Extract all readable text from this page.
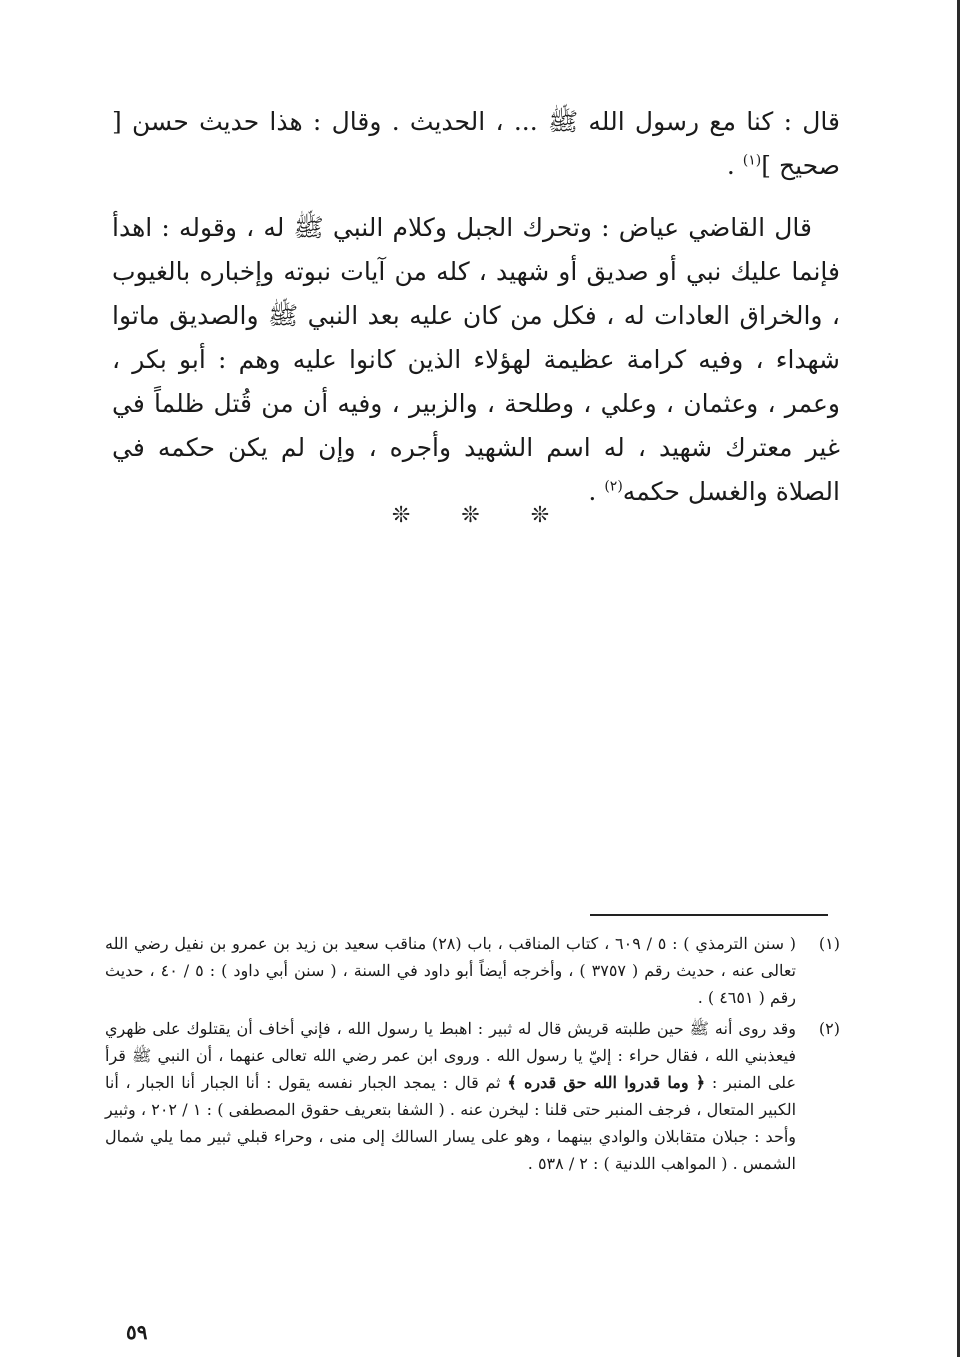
قال : كنا مع رسول الله ﷺ ... ، الحديث . وقال : هذا حديث حسن [ صحيح ]$^{(١)}$ .

قال القاضي عياض : وتحرك الجبل وكلام النبي ﷺ له ، وقوله : اهدأ فإنما عليك نبي أو صديق أو شهيد ، كله من آيات نبوته وإخباره بالغيوب ، والخراق العادات له ، فكل من كان عليه بعد النبي ﷺ والصديق ماتوا شهداء ، وفيه كرامة عظيمة لهؤلاء الذين كانوا عليه وهم : أبو بكر ، وعمر ، وعثمان ، وعلي ، وطلحة ، والزبير ، وفيه أن من قُتل ظلماً في غير معترك شهيد ، له اسم الشهيد وأجره ، وإن لم يكن حكمه في الصلاة والغسل حكمه$^{(٢)}$ .

❊ ❊ ❊
(١)
( سنن الترمذي ) : ٥ / ٦٠٩ ، كتاب المناقب ، باب (٢٨) مناقب سعيد بن زيد بن عمرو بن نفيل رضي الله تعالى عنه ، حديث رقم ( ٣٧٥٧ ) ، وأخرجه أيضاً أبو داود في السنة ، ( سنن أبي داود ) : ٥ / ٤٠ ، حديث رقم ( ٤٦٥١ ) .
(٢)
وقد روى أنه ﷺ حين طلبته قريش قال له ثبير : اهبط يا رسول الله ، فإني أخاف أن يقتلوك على ظهري فيعذبني الله ، فقال حراء : إليّ يا رسول الله . وروى ابن عمر رضي الله تعالى عنهما ، أن النبي ﷺ قرأ على المنبر : ﴿ وما قدروا الله حق قدره ﴾ ثم قال : يمجد الجبار نفسه يقول : أنا الجبار أنا الجبار ، أنا الكبير المتعال ، فرجف المنبر حتى قلنا : ليخرن عنه . ( الشفا بتعريف حقوق المصطفى ) : ١ / ٢٠٢ ، وثبير وأحد : جبلان متقابلان والوادي بينهما ، وهو على يسار السالك إلى منى ، وحراء قبلي ثبير مما يلي شمال الشمس . ( المواهب اللدنية ) : ٢ / ٥٣٨ .
٥٩
